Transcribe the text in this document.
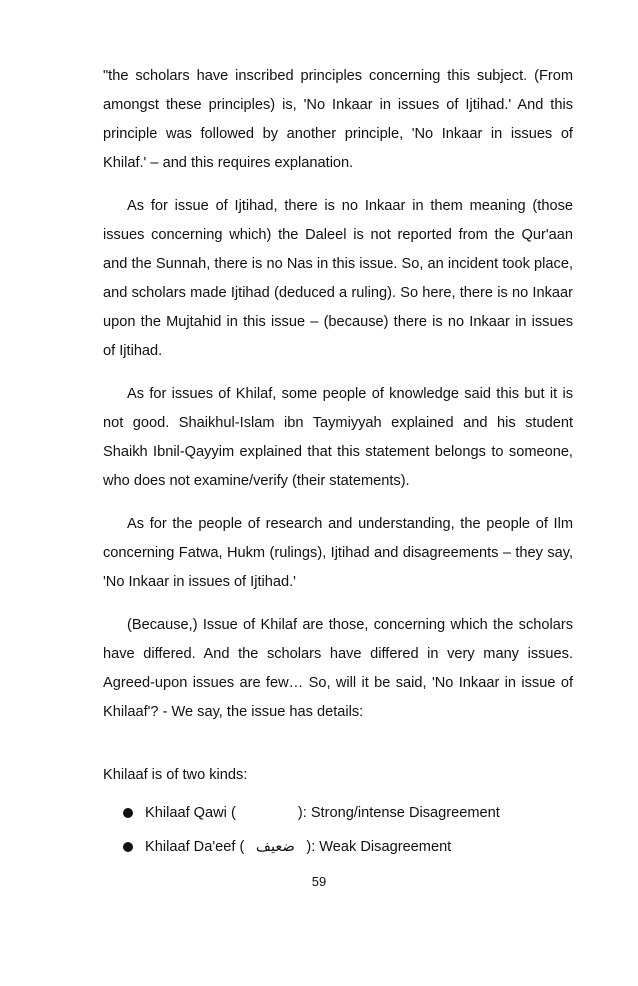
"the scholars have inscribed principles concerning this subject. (From amongst these principles) is, 'No Inkaar in issues of Ijtihad.' And this principle was followed by another principle, 'No Inkaar in issues of Khilaf.' – and this requires explanation.

As for issue of Ijtihad, there is no Inkaar in them meaning (those issues concerning which) the Daleel is not reported from the Qur'aan and the Sunnah, there is no Nas in this issue. So, an incident took place, and scholars made Ijtihad (deduced a ruling). So here, there is no Inkaar upon the Mujtahid in this issue – (because) there is no Inkaar in issues of Ijtihad.

As for issues of Khilaf, some people of knowledge said this but it is not good. Shaikhul-Islam ibn Taymiyyah explained and his student Shaikh Ibnil-Qayyim explained that this statement belongs to someone, who does not examine/verify (their statements).

As for the people of research and understanding, the people of Ilm concerning Fatwa, Hukm (rulings), Ijtihad and disagreements – they say, 'No Inkaar in issues of Ijtihad.'

(Because,) Issue of Khilaf are those, concerning which the scholars have differed. And the scholars have differed in very many issues. Agreed-upon issues are few… So, will it be said, 'No Inkaar in issue of Khilaaf'? - We say, the issue has details:

Khilaaf is of two kinds:
Khilaaf Qawi (	): Strong/intense Disagreement
Khilaaf Da'eef ( ضعيف ): Weak Disagreement
59
